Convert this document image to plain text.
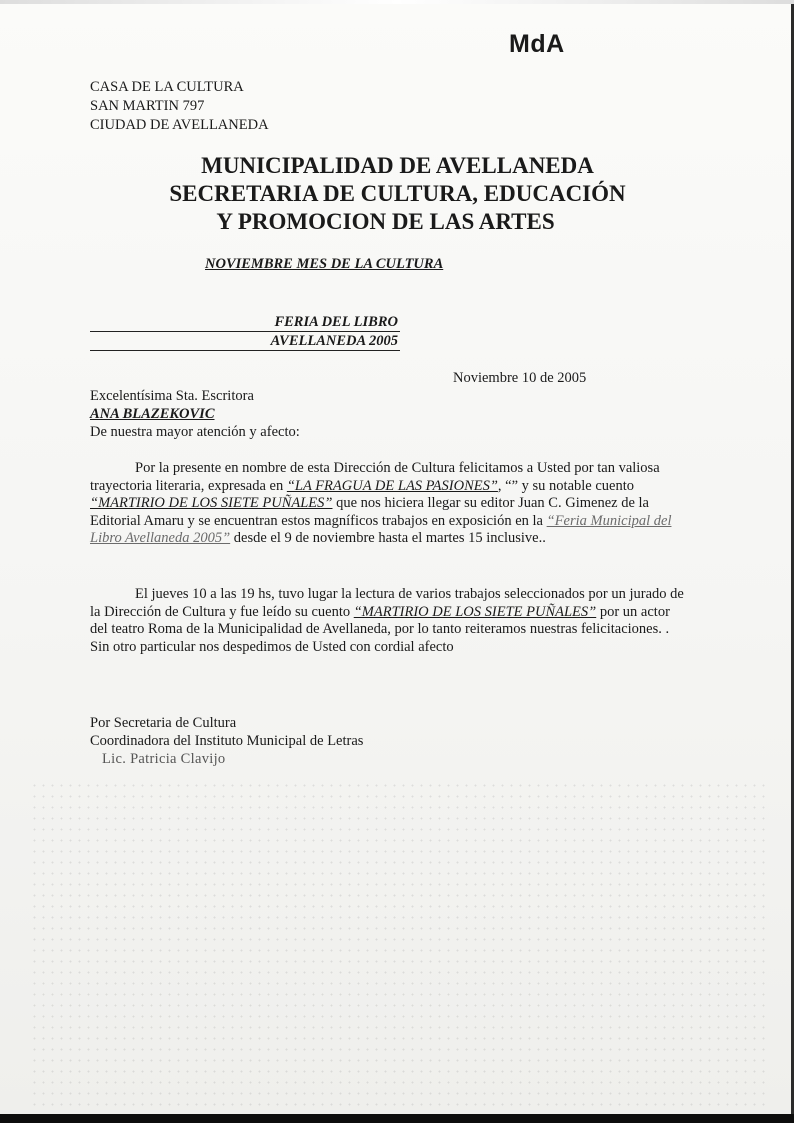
MdA
CASA DE LA CULTURA
SAN MARTIN 797
CIUDAD DE AVELLANEDA
MUNICIPALIDAD DE AVELLANEDA
SECRETARIA DE CULTURA, EDUCACIÓN
Y PROMOCION DE LAS ARTES
NOVIEMBRE MES DE LA CULTURA
FERIA DEL LIBRO
AVELLANEDA 2005
Noviembre 10 de 2005
Excelentísima Sta. Escritora
ANA BLAZEKOVIC
De nuestra mayor atención y afecto:
Por la presente en nombre de esta Dirección de Cultura felicitamos a Usted por tan valiosa trayectoria literaria, expresada en “LA FRAGUA DE LAS PASIONES”, “” y su notable cuento “MARTIRIO DE LOS SIETE PUÑALES” que nos hiciera llegar su editor Juan C. Gimenez de la Editorial Amaru y se encuentran estos magníficos trabajos en exposición en la “Feria Municipal del Libro Avellaneda 2005” desde el 9 de noviembre hasta el martes 15 inclusive..
El jueves 10 a las 19 hs, tuvo lugar la lectura de varios trabajos seleccionados por un jurado de la Dirección de Cultura y fue leído su cuento “MARTIRIO DE LOS SIETE PUÑALES” por un actor del teatro Roma de la Municipalidad de Avellaneda, por lo tanto reiteramos nuestras felicitaciones. .
Sin otro particular nos despedimos de Usted con cordial afecto
Por Secretaria de Cultura
Coordinadora del Instituto Municipal de Letras
Lic. Patricia Clavijo
